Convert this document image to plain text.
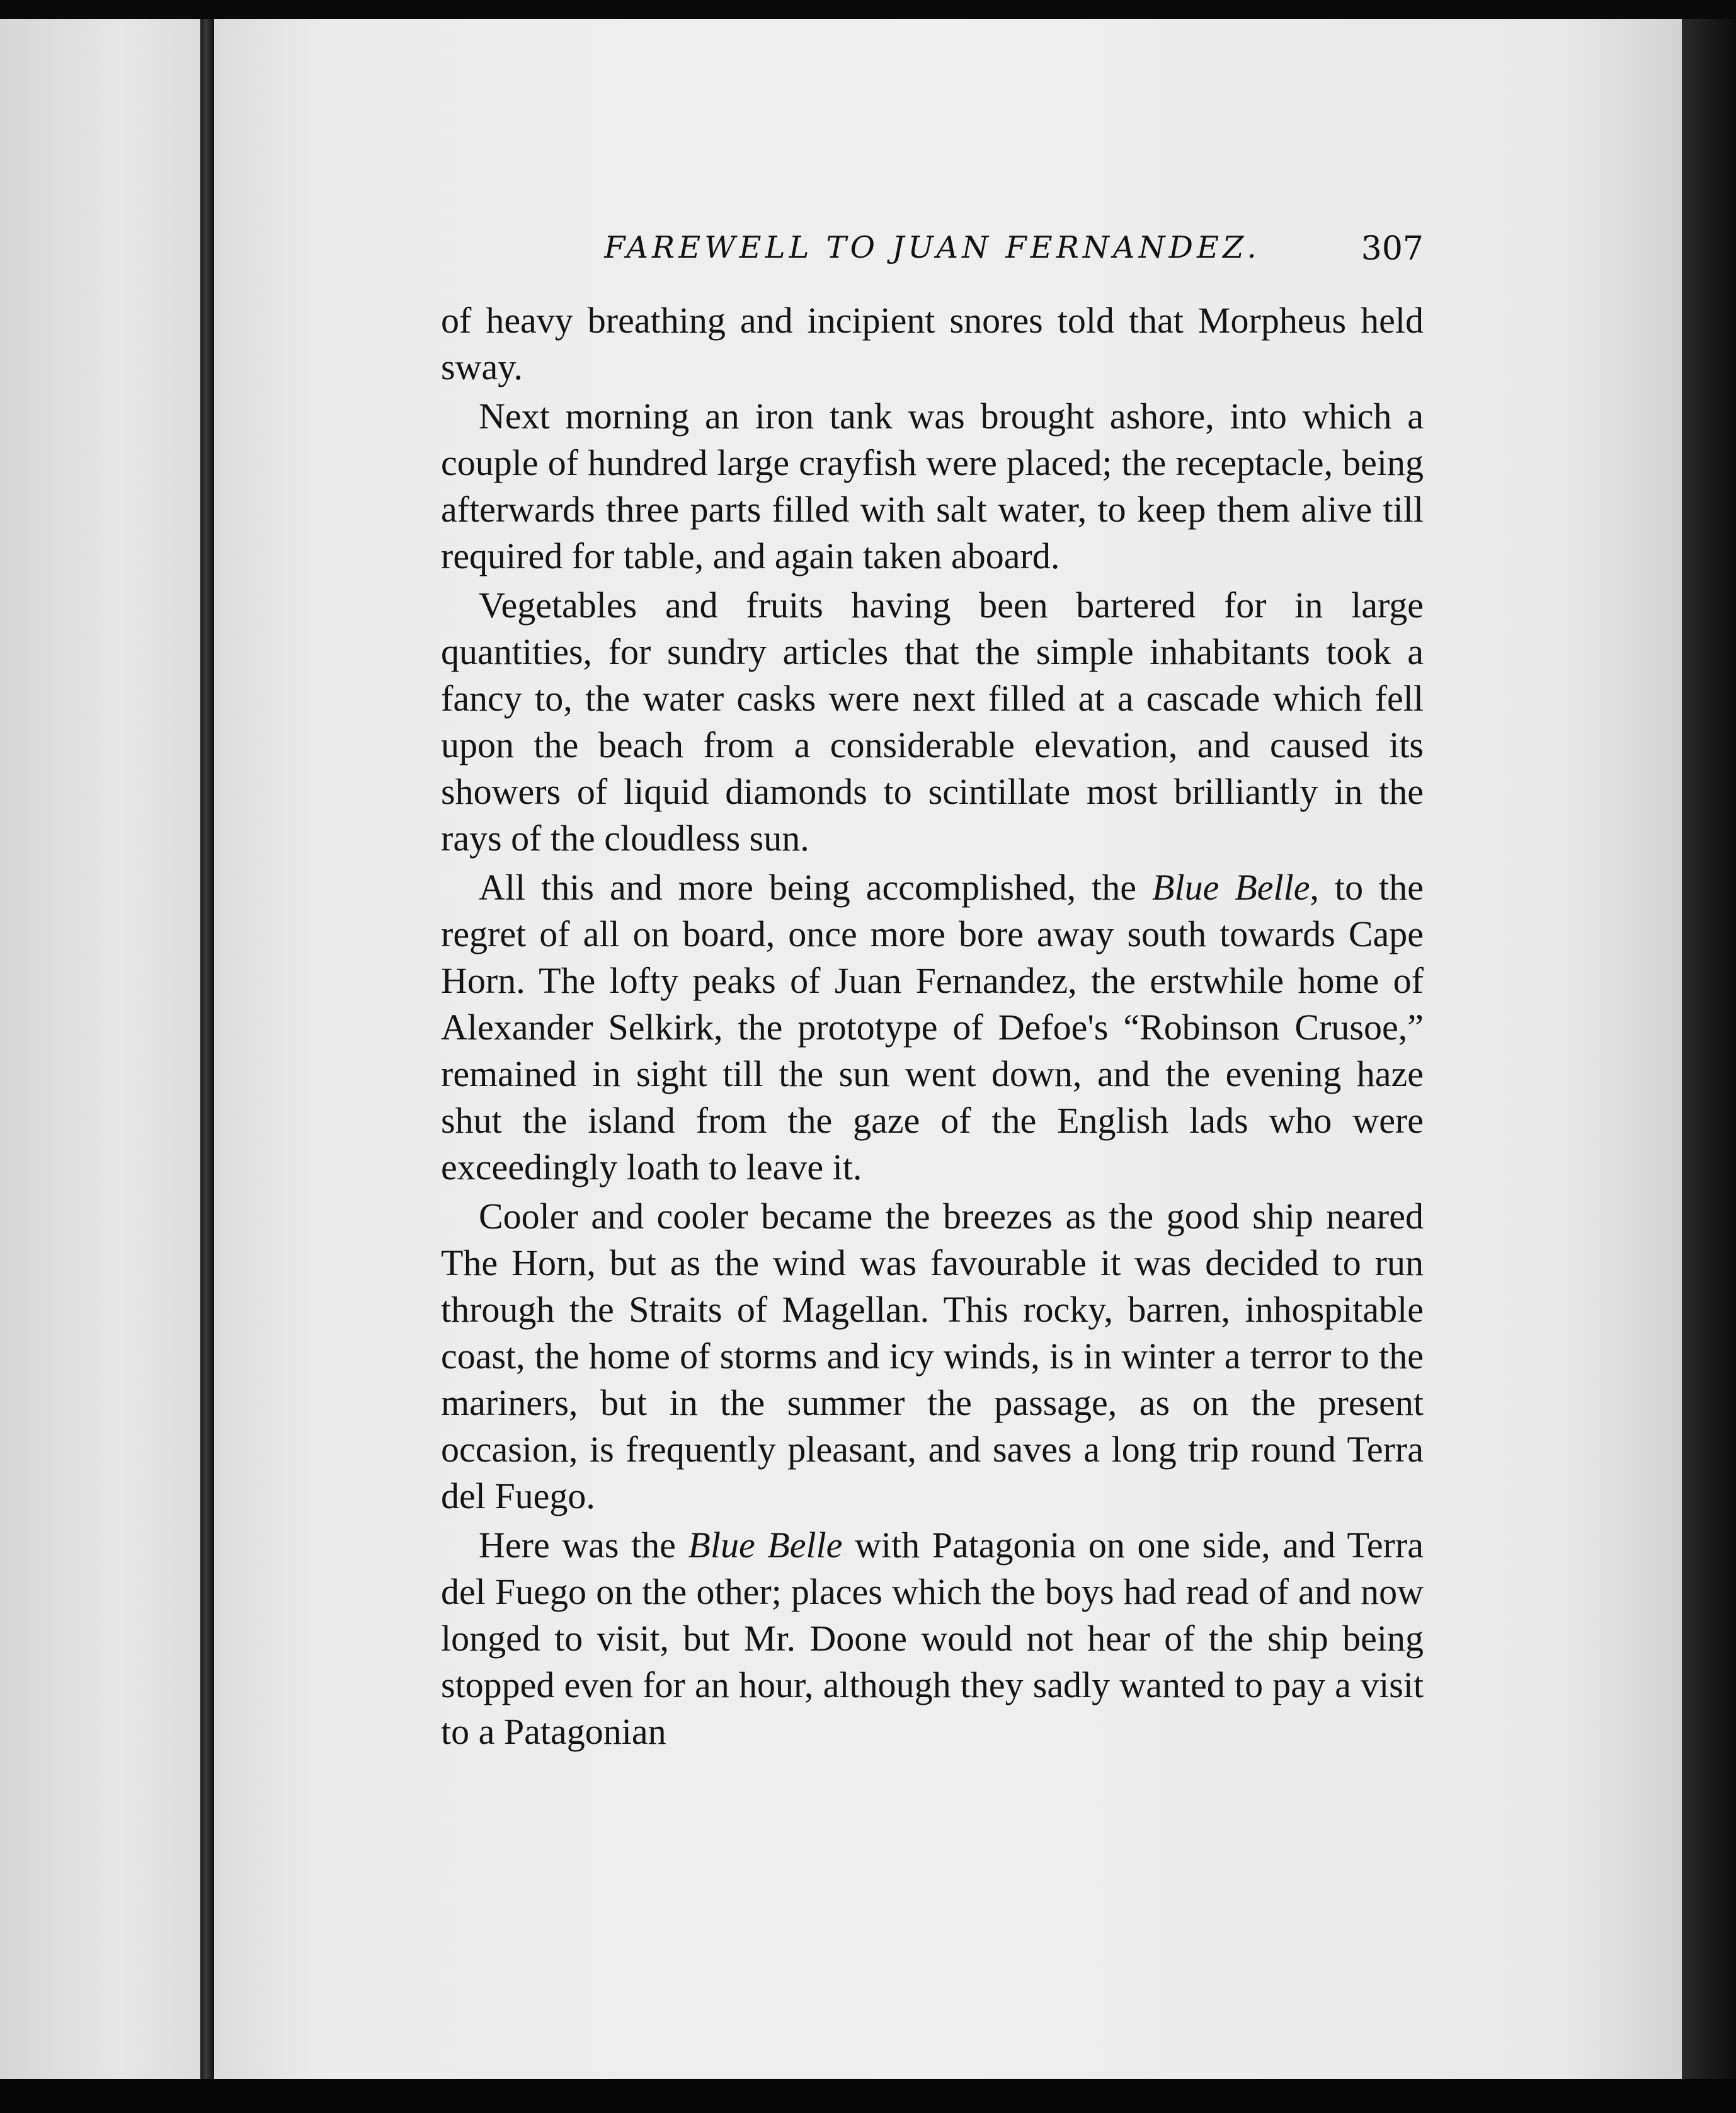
FAREWELL TO JUAN FERNANDEZ.	307

of heavy breathing and incipient snores told that Morpheus held sway.

Next morning an iron tank was brought ashore, into which a couple of hundred large crayfish were placed; the receptacle, being afterwards three parts filled with salt water, to keep them alive till required for table, and again taken aboard.

Vegetables and fruits having been bartered for in large quantities, for sundry articles that the simple inhabitants took a fancy to, the water casks were next filled at a cascade which fell upon the beach from a considerable elevation, and caused its showers of liquid diamonds to scintillate most brilliantly in the rays of the cloudless sun.

All this and more being accomplished, the Blue Belle, to the regret of all on board, once more bore away south towards Cape Horn. The lofty peaks of Juan Fernandez, the erstwhile home of Alexander Selkirk, the prototype of Defoe's “Robinson Crusoe,” remained in sight till the sun went down, and the evening haze shut the island from the gaze of the English lads who were exceedingly loath to leave it.

Cooler and cooler became the breezes as the good ship neared The Horn, but as the wind was favourable it was decided to run through the Straits of Magellan. This rocky, barren, inhospitable coast, the home of storms and icy winds, is in winter a terror to the mariners, but in the summer the passage, as on the present occasion, is frequently pleasant, and saves a long trip round Terra del Fuego.

Here was the Blue Belle with Patagonia on one side, and Terra del Fuego on the other; places which the boys had read of and now longed to visit, but Mr. Doone would not hear of the ship being stopped even for an hour, although they sadly wanted to pay a visit to a Patagonian
